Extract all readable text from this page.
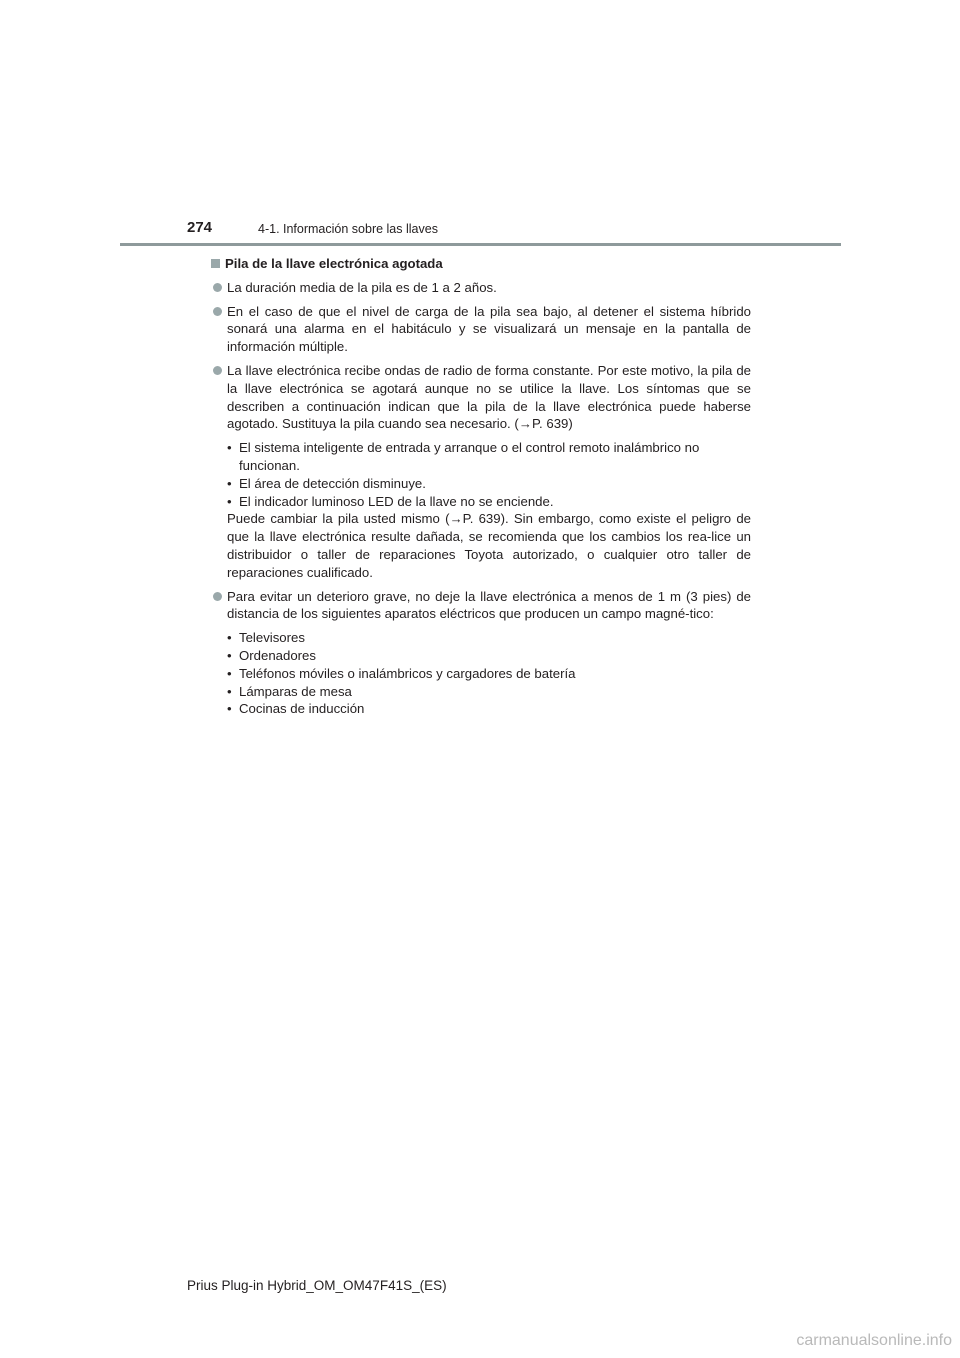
274	4-1. Información sobre las llaves
Pila de la llave electrónica agotada
La duración media de la pila es de 1 a 2 años.
En el caso de que el nivel de carga de la pila sea bajo, al detener el sistema híbrido sonará una alarma en el habitáculo y se visualizará un mensaje en la pantalla de información múltiple.
La llave electrónica recibe ondas de radio de forma constante. Por este motivo, la pila de la llave electrónica se agotará aunque no se utilice la llave. Los síntomas que se describen a continuación indican que la pila de la llave electrónica puede haberse agotado. Sustituya la pila cuando sea necesario. (→P. 639)
• El sistema inteligente de entrada y arranque o el control remoto inalámbrico no funcionan.
• El área de detección disminuye.
• El indicador luminoso LED de la llave no se enciende.
Puede cambiar la pila usted mismo (→P. 639). Sin embargo, como existe el peligro de que la llave electrónica resulte dañada, se recomienda que los cambios los rea-lice un distribuidor o taller de reparaciones Toyota autorizado, o cualquier otro taller de reparaciones cualificado.
Para evitar un deterioro grave, no deje la llave electrónica a menos de 1 m (3 pies) de distancia de los siguientes aparatos eléctricos que producen un campo magné-tico:
• Televisores
• Ordenadores
• Teléfonos móviles o inalámbricos y cargadores de batería
• Lámparas de mesa
• Cocinas de inducción
Prius Plug-in Hybrid_OM_OM47F41S_(ES)
carmanualsonline.info
